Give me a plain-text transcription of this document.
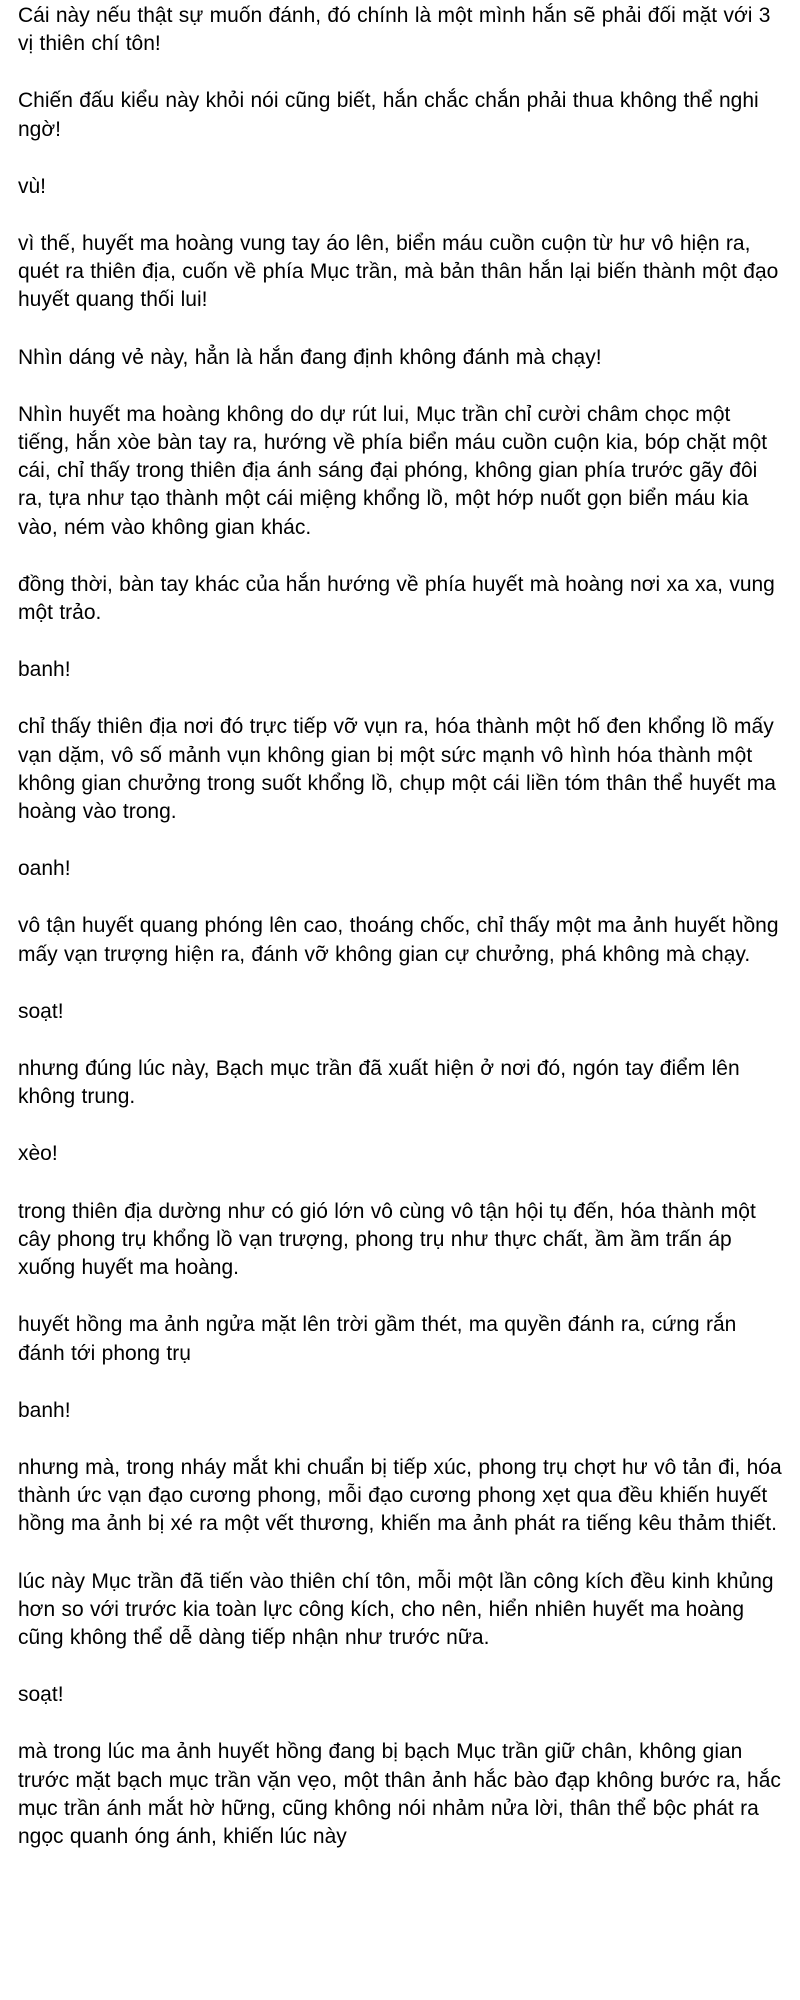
Cái này nếu thật sự muốn đánh, đó chính là một mình hắn sẽ phải đối mặt với 3 vị thiên chí tôn!

Chiến đấu kiểu này khỏi nói cũng biết, hắn chắc chắn phải thua không thể nghi ngờ!

vù!

vì thế, huyết ma hoàng vung tay áo lên, biển máu cuồn cuộn từ hư vô hiện ra, quét ra thiên địa, cuốn về phía Mục trần, mà bản thân hắn lại biến thành một đạo huyết quang thối lui!

Nhìn dáng vẻ này, hẳn là hắn đang định không đánh mà chạy!

Nhìn huyết ma hoàng không do dự rút lui, Mục trần chỉ cười châm chọc một tiếng, hắn xòe bàn tay ra, hướng về phía biển máu cuồn cuộn kia, bóp chặt một cái, chỉ thấy trong thiên địa ánh sáng đại phóng, không gian phía trước gãy đôi ra, tựa như tạo thành một cái miệng khổng lồ, một hớp nuốt gọn biển máu kia vào, ném vào không gian khác.

đồng thời, bàn tay khác của hắn hướng về phía huyết mà hoàng nơi xa xa, vung một trảo.

banh!

chỉ thấy thiên địa nơi đó trực tiếp vỡ vụn ra, hóa thành một hố đen khổng lồ mấy vạn dặm, vô số mảnh vụn không gian bị một sức mạnh vô hình hóa thành một không gian chưởng trong suốt khổng lồ, chụp một cái liền tóm thân thể huyết ma hoàng vào trong.

oanh!

vô tận huyết quang phóng lên cao, thoáng chốc, chỉ thấy một ma ảnh huyết hồng mấy vạn trượng hiện ra, đánh vỡ không gian cự chưởng, phá không mà chạy.

soạt!

nhưng đúng lúc này, Bạch mục trần đã xuất hiện ở nơi đó, ngón tay điểm lên không trung.

xèo!

trong thiên địa dường như có gió lớn vô cùng vô tận hội tụ đến, hóa thành một cây phong trụ khổng lồ vạn trượng, phong trụ như thực chất, ầm ầm trấn áp xuống huyết ma hoàng.

huyết hồng ma ảnh ngửa mặt lên trời gầm thét, ma quyền đánh ra, cứng rắn đánh tới phong trụ

banh!

nhưng mà, trong nháy mắt khi chuẩn bị tiếp xúc, phong trụ chợt hư vô tản đi, hóa thành ức vạn đạo cương phong, mỗi đạo cương phong xẹt qua đều khiến huyết hồng ma ảnh bị xé ra một vết thương, khiến ma ảnh phát ra tiếng kêu thảm thiết.

lúc này Mục trần đã tiến vào thiên chí tôn, mỗi một lần công kích đều kinh khủng hơn so với trước kia toàn lực công kích, cho nên, hiển nhiên huyết ma hoàng cũng không thể dễ dàng tiếp nhận như trước nữa.

soạt!

mà trong lúc ma ảnh huyết hồng đang bị bạch Mục trần giữ chân, không gian trước mặt bạch mục trần vặn vẹo, một thân ảnh hắc bào đạp không bước ra, hắc mục trần ánh mắt hờ hững, cũng không nói nhảm nửa lời, thân thể bộc phát ra ngọc quanh óng ánh, khiến lúc này
